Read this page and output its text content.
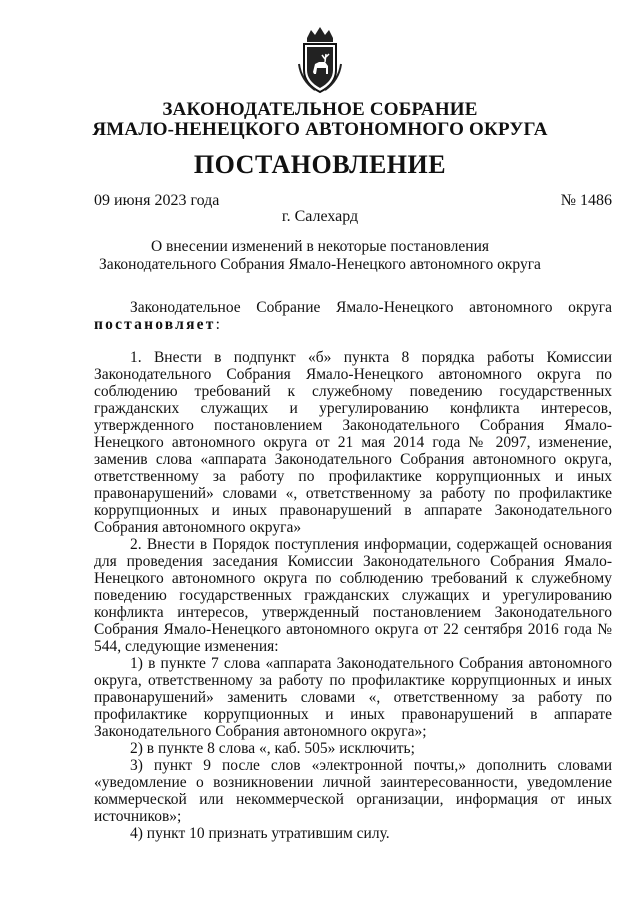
ЗАКОНОДАТЕЛЬНОЕ СОБРАНИЕ
ЯМАЛО-НЕНЕЦКОГО АВТОНОМНОГО ОКРУГА
ПОСТАНОВЛЕНИЕ
09 июня 2023 года	№ 1486
г. Салехард
О внесении изменений в некоторые постановления
Законодательного Собрания Ямало-Ненецкого автономного округа

Законодательное Собрание Ямало-Ненецкого автономного округа постановляет:

1. Внести в подпункт «б» пункта 8 порядка работы Комиссии Законодательного Собрания Ямало-Ненецкого автономного округа по соблюдению требований к служебному поведению государственных гражданских служащих и урегулированию конфликта интересов, утвержденного постановлением Законодательного Собрания Ямало-Ненецкого автономного округа от 21 мая 2014 года № 2097, изменение, заменив слова «аппарата Законодательного Собрания автономного округа, ответственному за работу по профилактике коррупционных и иных правонарушений» словами «, ответственному за работу по профилактике коррупционных и иных правонарушений в аппарате Законодательного Собрания автономного округа»

2. Внести в Порядок поступления информации, содержащей основания для проведения заседания Комиссии Законодательного Собрания Ямало-Ненецкого автономного округа по соблюдению требований к служебному поведению государственных гражданских служащих и урегулированию конфликта интересов, утвержденный постановлением Законодательного Собрания Ямало-Ненецкого автономного округа от 22 сентября 2016 года № 544, следующие изменения:

1) в пункте 7 слова «аппарата Законодательного Собрания автономного округа, ответственному за работу по профилактике коррупционных и иных правонарушений» заменить словами «, ответственному за работу по профилактике коррупционных и иных правонарушений в аппарате Законодательного Собрания автономного округа»;

2) в пункте 8 слова «, каб. 505» исключить;

3) пункт 9 после слов «электронной почты,» дополнить словами «уведомление о возникновении личной заинтересованности, уведомление коммерческой или некоммерческой организации, информация от иных источников»;

4) пункт 10 признать утратившим силу.
